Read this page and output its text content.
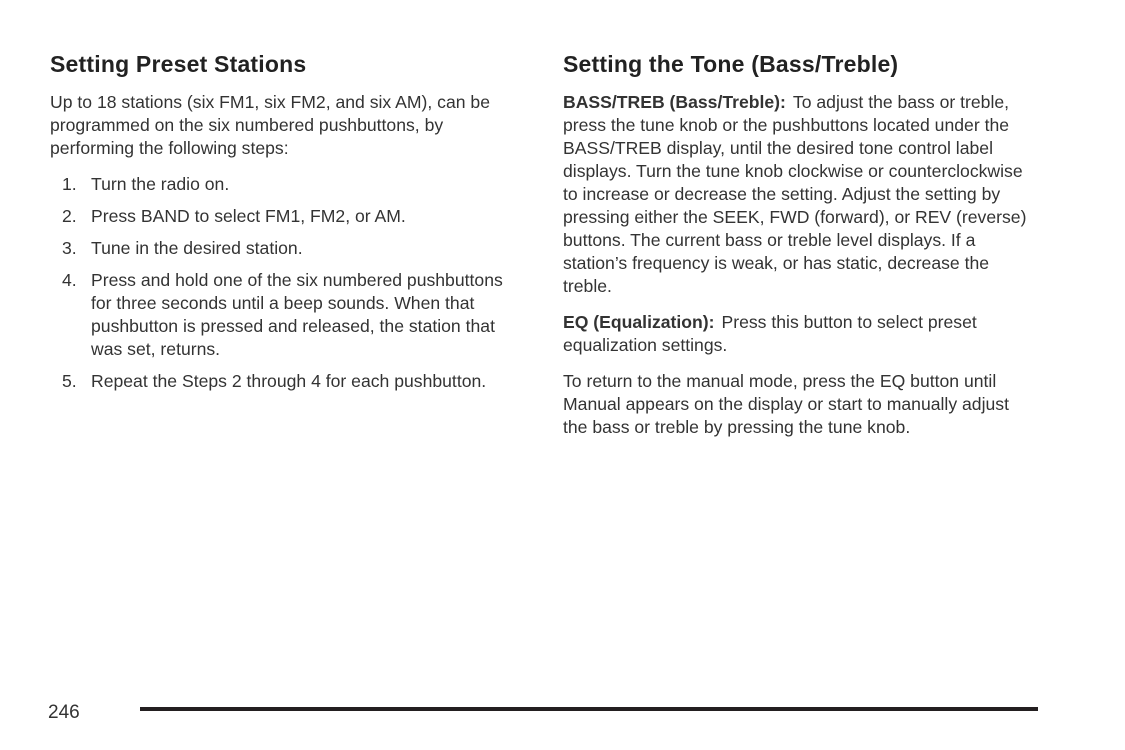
Setting Preset Stations

Up to 18 stations (six FM1, six FM2, and six AM), can be programmed on the six numbered pushbuttons, by performing the following steps:

1. Turn the radio on.
2. Press BAND to select FM1, FM2, or AM.
3. Tune in the desired station.
4. Press and hold one of the six numbered pushbuttons for three seconds until a beep sounds. When that pushbutton is pressed and released, the station that was set, returns.
5. Repeat the Steps 2 through 4 for each pushbutton.
Setting the Tone (Bass/Treble)

BASS/TREB (Bass/Treble): To adjust the bass or treble, press the tune knob or the pushbuttons located under the BASS/TREB display, until the desired tone control label displays. Turn the tune knob clockwise or counterclockwise to increase or decrease the setting. Adjust the setting by pressing either the SEEK, FWD (forward), or REV (reverse) buttons. The current bass or treble level displays. If a station’s frequency is weak, or has static, decrease the treble.

EQ (Equalization): Press this button to select preset equalization settings.

To return to the manual mode, press the EQ button until Manual appears on the display or start to manually adjust the bass or treble by pressing the tune knob.

246
